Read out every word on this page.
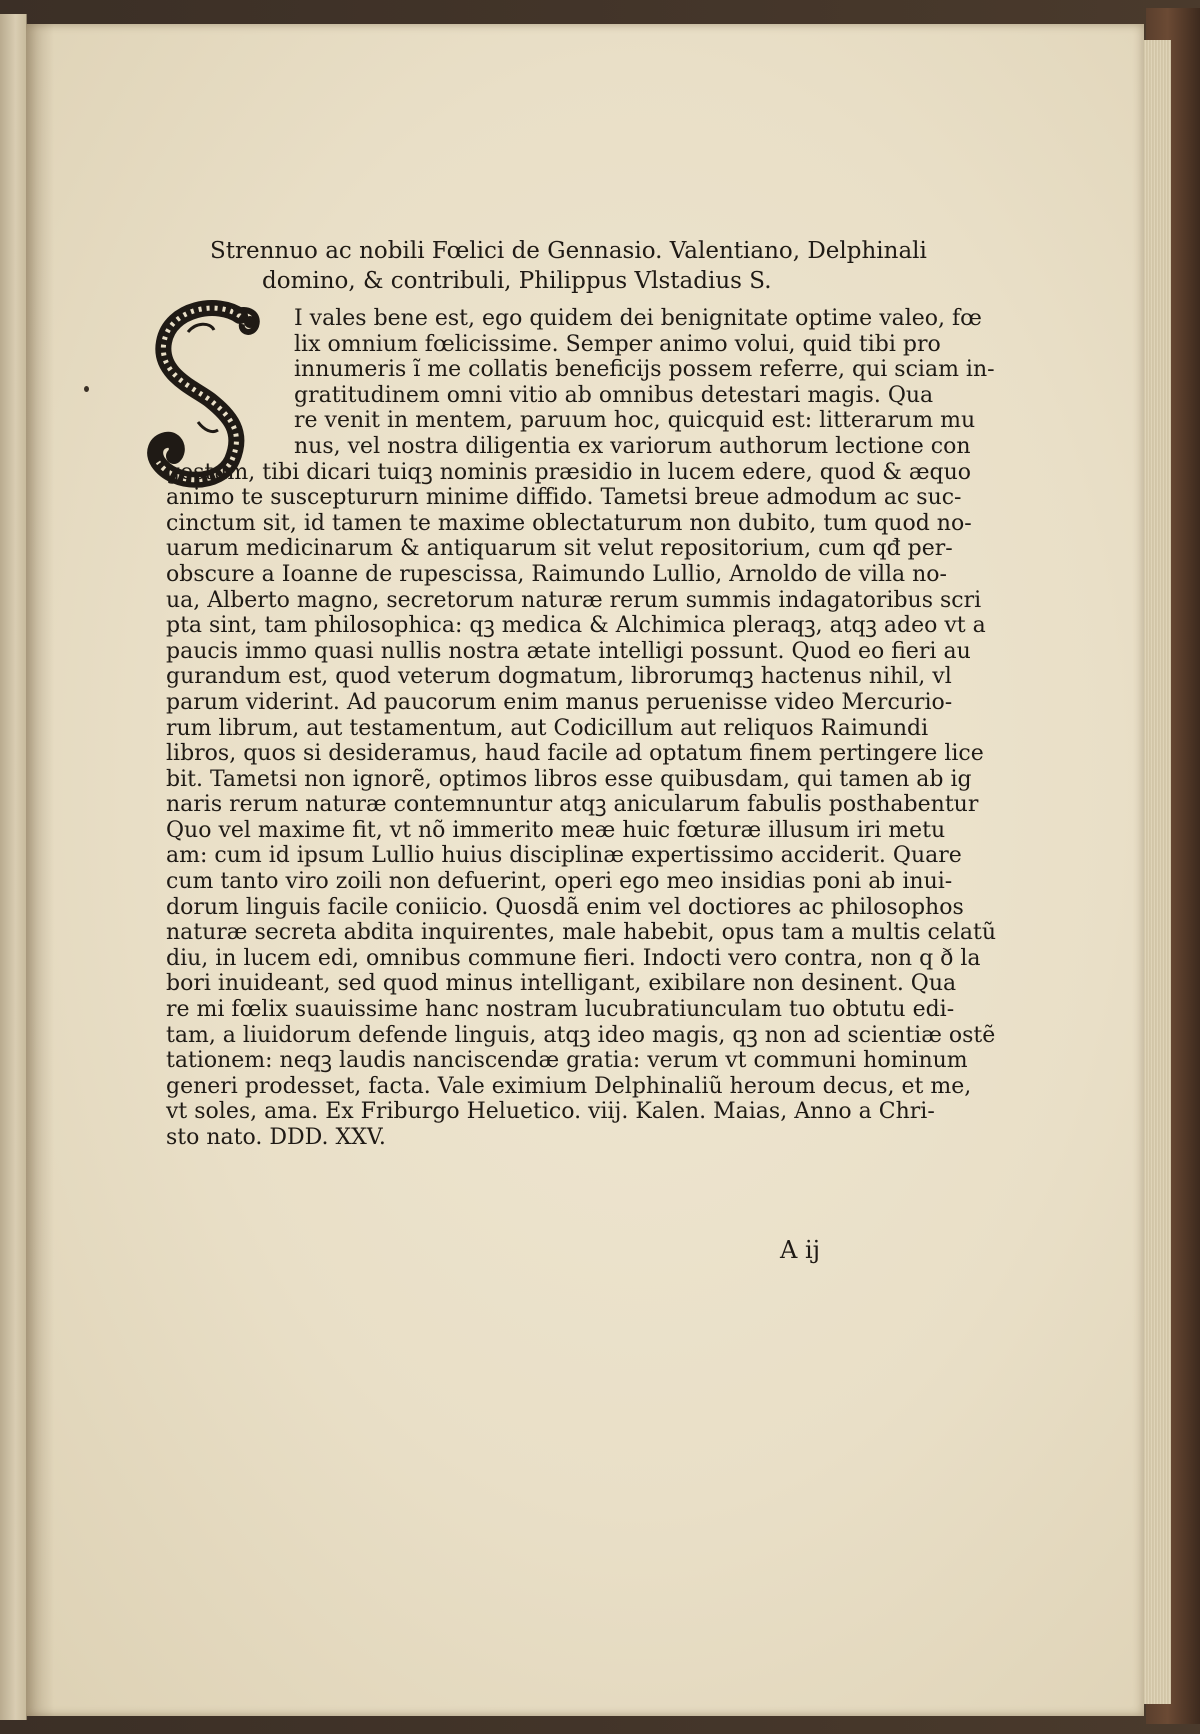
Strennuo ac nobili Fœlici de Gennasio. Valentiano, Delphinali
domino, & contribuli, Philippus Vlstadius S.
S
I vales bene est, ego quidem dei benignitate optime valeo, fœ
lix omnium fœlicissime. Semper animo volui, quid tibi pro
innumeris ĩ me collatis beneficijs possem referre, qui sciam in-
gratitudinem omni vitio ab omnibus detestari magis. Qua
re venit in mentem, paruum hoc, quicquid est: litterarum mu
nus, vel nostra diligentia ex variorum authorum lectione con
gestum, tibi dicari tuiqꝫ nominis præsidio in lucem edere, quod & æquo
animo te susceptururn minime diffido. Tametsi breue admodum ac suc-
cinctum sit, id tamen te maxime oblectaturum non dubito, tum quod no-
uarum medicinarum & antiquarum sit velut repositorium, cum qđ per-
obscure a Ioanne de rupescissa, Raimundo Lullio, Arnoldo de villa no-
ua, Alberto magno, secretorum naturæ rerum summis indagatoribus scri
pta sint, tam philosophica: qꝫ medica & Alchimica pleraqꝫ, atqꝫ adeo vt a
paucis immo quasi nullis nostra ætate intelligi possunt. Quod eo fieri au
gurandum est, quod veterum dogmatum, librorumqꝫ hactenus nihil, vl
parum viderint. Ad paucorum enim manus peruenisse video Mercurio-
rum librum, aut testamentum, aut Codicillum aut reliquos Raimundi
libros, quos si desideramus, haud facile ad optatum finem pertingere lice
bit. Tametsi non ignorẽ, optimos libros esse quibusdam, qui tamen ab ig
naris rerum naturæ contemnuntur atqꝫ anicularum fabulis posthabentur
Quo vel maxime fit, vt nõ immerito meæ huic fœturæ illusum iri metu
am: cum id ipsum Lullio huius disciplinæ expertissimo acciderit. Quare
cum tanto viro zoili non defuerint, operi ego meo insidias poni ab inui-
dorum linguis facile coniicio. Quosdã enim vel doctiores ac philosophos
naturæ secreta abdita inquirentes, male habebit, opus tam a multis celatũ
diu, in lucem edi, omnibus commune fieri. Indocti vero contra, non q ð la
bori inuideant, sed quod minus intelligant, exibilare non desinent. Qua
re mi fœlix suauissime hanc nostram lucubratiunculam tuo obtutu edi-
tam, a liuidorum defende linguis, atqꝫ ideo magis, qꝫ non ad scientiæ ostẽ
tationem: neqꝫ laudis nanciscendæ gratia: verum vt communi hominum
generi prodesset, facta. Vale eximium Delphinaliũ heroum decus, et me,
vt soles, ama. Ex Friburgo Heluetico. viij. Kalen. Maias, Anno a Chri-
sto nato. DDD. XXV.
A ij
